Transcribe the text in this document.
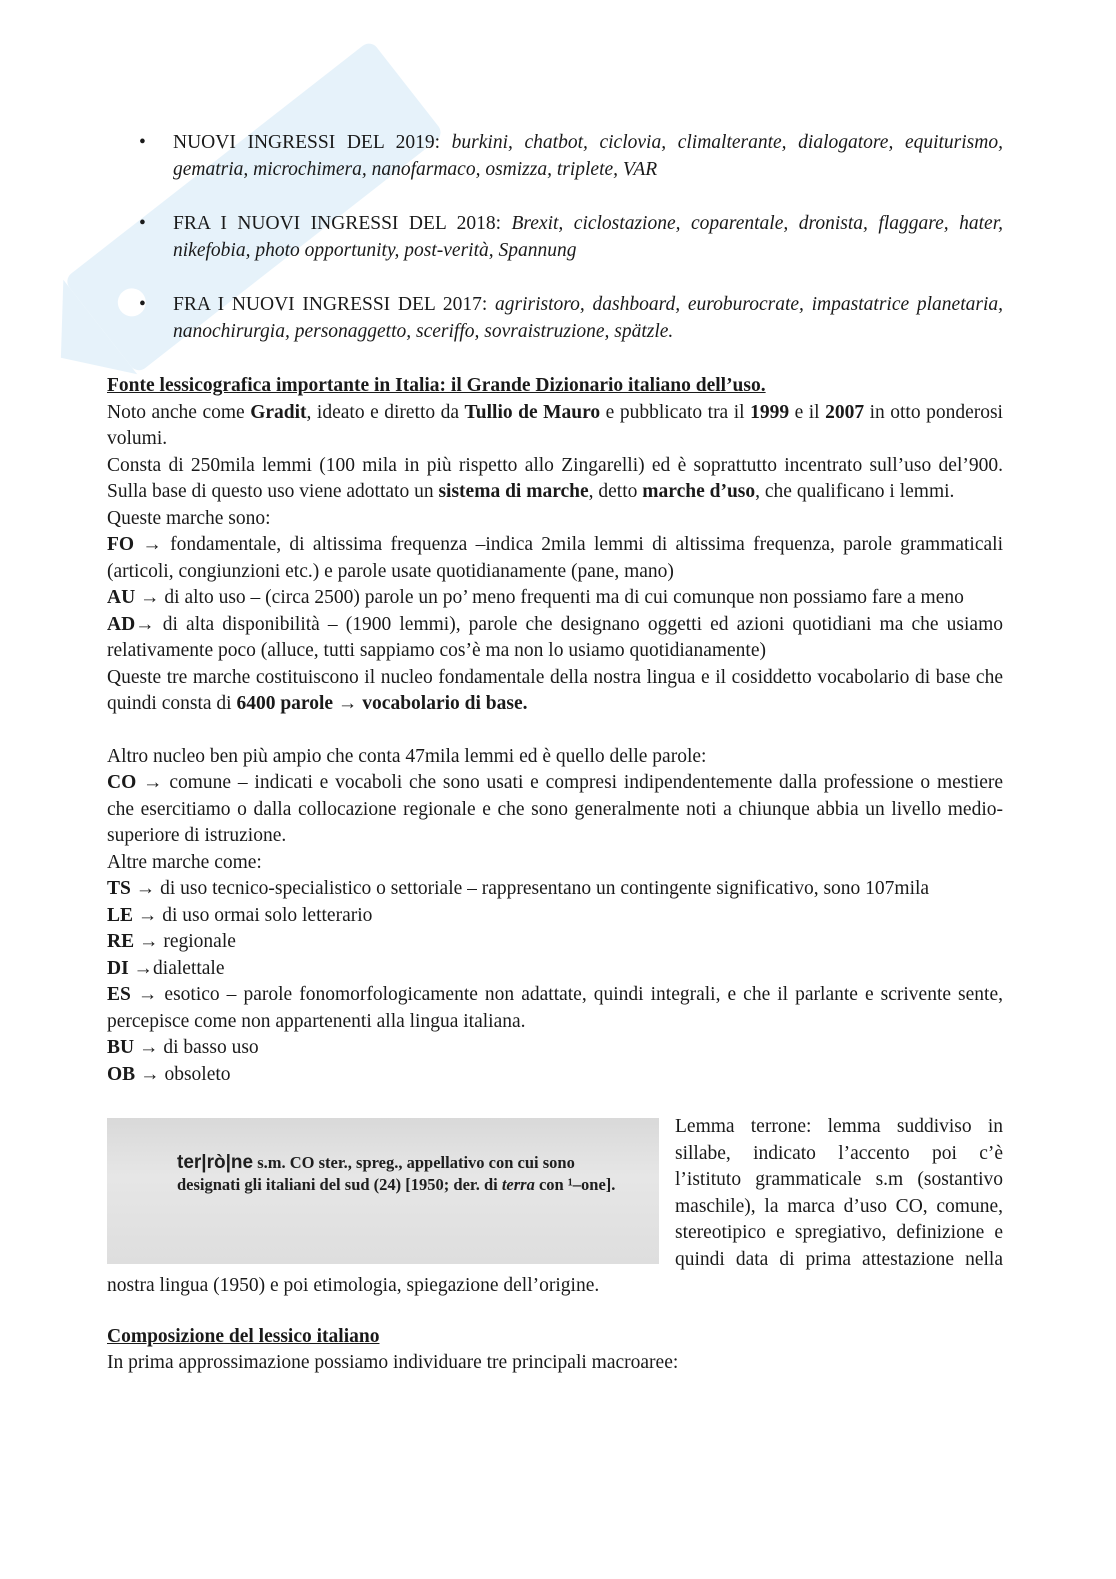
• NUOVI INGRESSI DEL 2019: burkini, chatbot, ciclovia, climalterante, dialogatore, equiturismo, gematria, microchimera, nanofarmaco, osmizza, triplete, VAR
• FRA I NUOVI INGRESSI DEL 2018: Brexit, ciclostazione, coparentale, dronista, flaggare, hater, nikefobia, photo opportunity, post-verità, Spannung
• FRA I NUOVI INGRESSI DEL 2017: agriristoro, dashboard, euroburocrate, impastatrice planetaria, nanochirurgia, personaggetto, sceriffo, sovraistruzione, spätzle.

Fonte lessicografica importante in Italia: il Grande Dizionario italiano dell’uso.

Noto anche come Gradit, ideato e diretto da Tullio de Mauro e pubblicato tra il 1999 e il 2007 in otto ponderosi volumi.

Consta di 250mila lemmi (100 mila in più rispetto allo Zingarelli) ed è soprattutto incentrato sull’uso del’900. Sulla base di questo uso viene adottato un sistema di marche, detto marche d’uso, che qualificano i lemmi.

Queste marche sono:

FO → fondamentale, di altissima frequenza –indica 2mila lemmi di altissima frequenza, parole grammaticali (articoli, congiunzioni etc.) e parole usate quotidianamente (pane, mano)

AU → di alto uso – (circa 2500) parole un po’ meno frequenti ma di cui comunque non possiamo fare a meno

AD→ di alta disponibilità – (1900 lemmi), parole che designano oggetti ed azioni quotidiani ma che usiamo relativamente poco (alluce, tutti sappiamo cos’è ma non lo usiamo quotidianamente)

Queste tre marche costituiscono il nucleo fondamentale della nostra lingua e il cosiddetto vocabolario di base che quindi consta di 6400 parole → vocabolario di base.

Altro nucleo ben più ampio che conta 47mila lemmi ed è quello delle parole:

CO → comune – indicati e vocaboli che sono usati e compresi indipendentemente dalla professione o mestiere che esercitiamo o dalla collocazione regionale e che sono generalmente noti a chiunque abbia un livello medio-superiore di istruzione.

Altre marche come:

TS → di uso tecnico-specialistico o settoriale – rappresentano un contingente significativo, sono 107mila

LE → di uso ormai solo letterario

RE → regionale

DI →dialettale

ES → esotico – parole fonomorfologicamente non adattate, quindi integrali, e che il parlante e scrivente sente, percepisce come non appartenenti alla lingua italiana.

BU → di basso uso

OB → obsoleto

ter|rò|ne s.m. CO ster., spreg., appellativo con cui sono designati gli italiani del sud (24) [1950; der. di terra con ¹–one].

Lemma terrone: lemma suddiviso in sillabe, indicato l’accento poi c’è l’istituto grammaticale s.m (sostantivo maschile), la marca d’uso CO, comune, stereotipico e spregiativo, definizione e quindi data di prima attestazione nella nostra lingua (1950) e poi etimologia, spiegazione dell’origine.

Composizione del lessico italiano

In prima approssimazione possiamo individuare tre principali macroaree:
